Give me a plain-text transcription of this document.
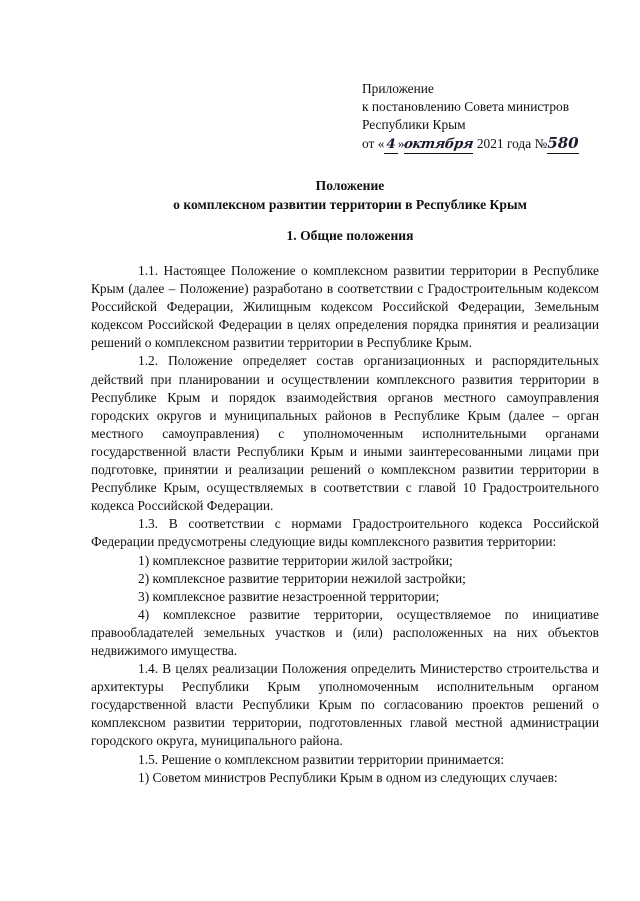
Приложение
к постановлению Совета министров
Республики Крым
от « 4 »октября 2021 года №580
Положение
о комплексном развитии территории в Республике Крым
1. Общие положения

1.1. Настоящее Положение о комплексном развитии территории в Республике Крым (далее – Положение) разработано в соответствии с Градостроительным кодексом Российской Федерации, Жилищным кодексом Российской Федерации, Земельным кодексом Российской Федерации в целях определения порядка принятия и реализации решений о комплексном развитии территории в Республике Крым.

1.2. Положение определяет состав организационных и распорядительных действий при планировании и осуществлении комплексного развития территории в Республике Крым и порядок взаимодействия органов местного самоуправления городских округов и муниципальных районов в Республике Крым (далее – орган местного самоуправления) с уполномоченным исполнительными органами государственной власти Республики Крым и иными заинтересованными лицами при подготовке, принятии и реализации решений о комплексном развитии территории в Республике Крым, осуществляемых в соответствии с главой 10 Градостроительного кодекса Российской Федерации.

1.3. В соответствии с нормами Градостроительного кодекса Российской Федерации предусмотрены следующие виды комплексного развития территории:

1) комплексное развитие территории жилой застройки;

2) комплексное развитие территории нежилой застройки;

3) комплексное развитие незастроенной территории;

4) комплексное развитие территории, осуществляемое по инициативе правообладателей земельных участков и (или) расположенных на них объектов недвижимого имущества.

1.4. В целях реализации Положения определить Министерство строительства и архитектуры Республики Крым уполномоченным исполнительным органом государственной власти Республики Крым по согласованию проектов решений о комплексном развитии территории, подготовленных главой местной администрации городского округа, муниципального района.

1.5. Решение о комплексном развитии территории принимается:

1) Советом министров Республики Крым в одном из следующих случаев:
